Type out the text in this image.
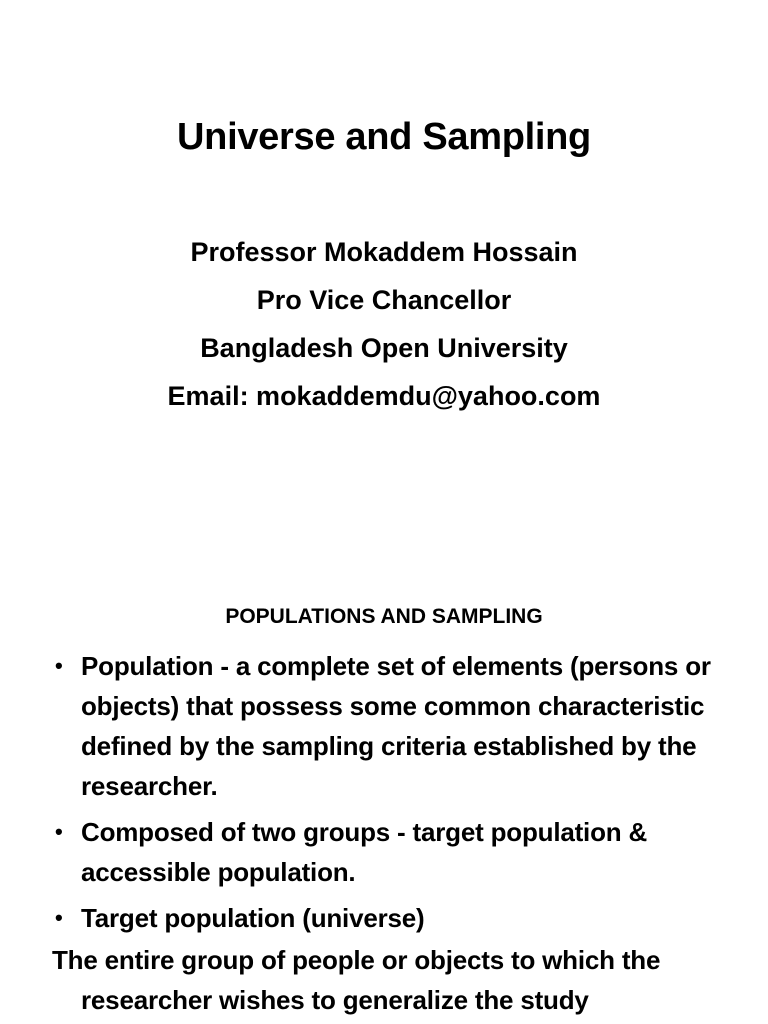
Universe and Sampling
Professor Mokaddem Hossain
Pro Vice Chancellor
Bangladesh Open University
Email: mokaddemdu@yahoo.com
POPULATIONS AND SAMPLING
• Population - a complete set of elements (persons or objects) that possess some common characteristic defined by the sampling criteria established by the researcher.
• Composed of two groups - target population & accessible population.
• Target population (universe)
The entire group of people or objects to which the researcher wishes to generalize the study
